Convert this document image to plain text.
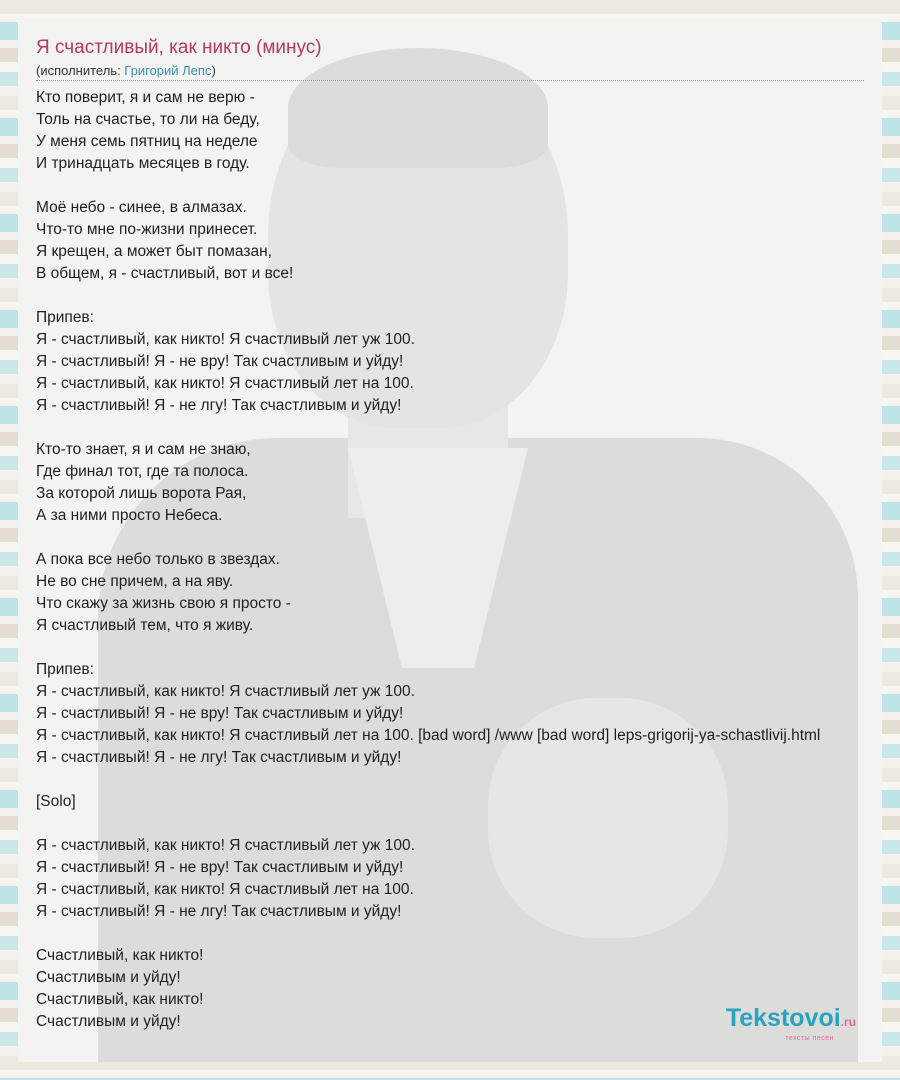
Я счастливый, как никто (минус)
(исполнитель: Григорий Лепс)
Кто поверит, я и сам не верю -
Толь на счастье, то ли на беду,
У меня семь пятниц на неделе
И тринадцать месяцев в году.
Моё небо - синее, в алмазах.
Что-то мне по-жизни принесет.
Я крещен, а может быт помазан,
В общем, я - счастливый, вот и все!
Припев:
Я - счастливый, как никто! Я счастливый лет уж 100.
Я - счастливый! Я - не вру! Так счастливым и уйду!
Я - счастливый, как никто! Я счастливый лет на 100.
Я - счастливый! Я - не лгу! Так счастливым и уйду!
Кто-то знает, я и сам не знаю,
Где финал тот, где та полоса.
За которой лишь ворота Рая,
А за ними просто Небеса.
А пока все небо только в звездах.
Не во сне причем, а на яву.
Что скажу за жизнь свою я просто -
Я счастливый тем, что я живу.
Припев:
Я - счастливый, как никто! Я счастливый лет уж 100.
Я - счастливый! Я - не вру! Так счастливым и уйду!
Я - счастливый, как никто! Я счастливый лет на 100. [bad word] /www [bad word] leps-grigorij-ya-schastlivij.html
Я - счастливый! Я - не лгу! Так счастливым и уйду!
[Solo]
Я - счастливый, как никто! Я счастливый лет уж 100.
Я - счастливый! Я - не вру! Так счастливым и уйду!
Я - счастливый, как никто! Я счастливый лет на 100.
Я - счастливый! Я - не лгу! Так счастливым и уйду!
Счастливый, как никто!
Счастливым и уйду!
Счастливый, как никто!
Счастливым и уйду!	Tekstovoi.ru
тексты песен
